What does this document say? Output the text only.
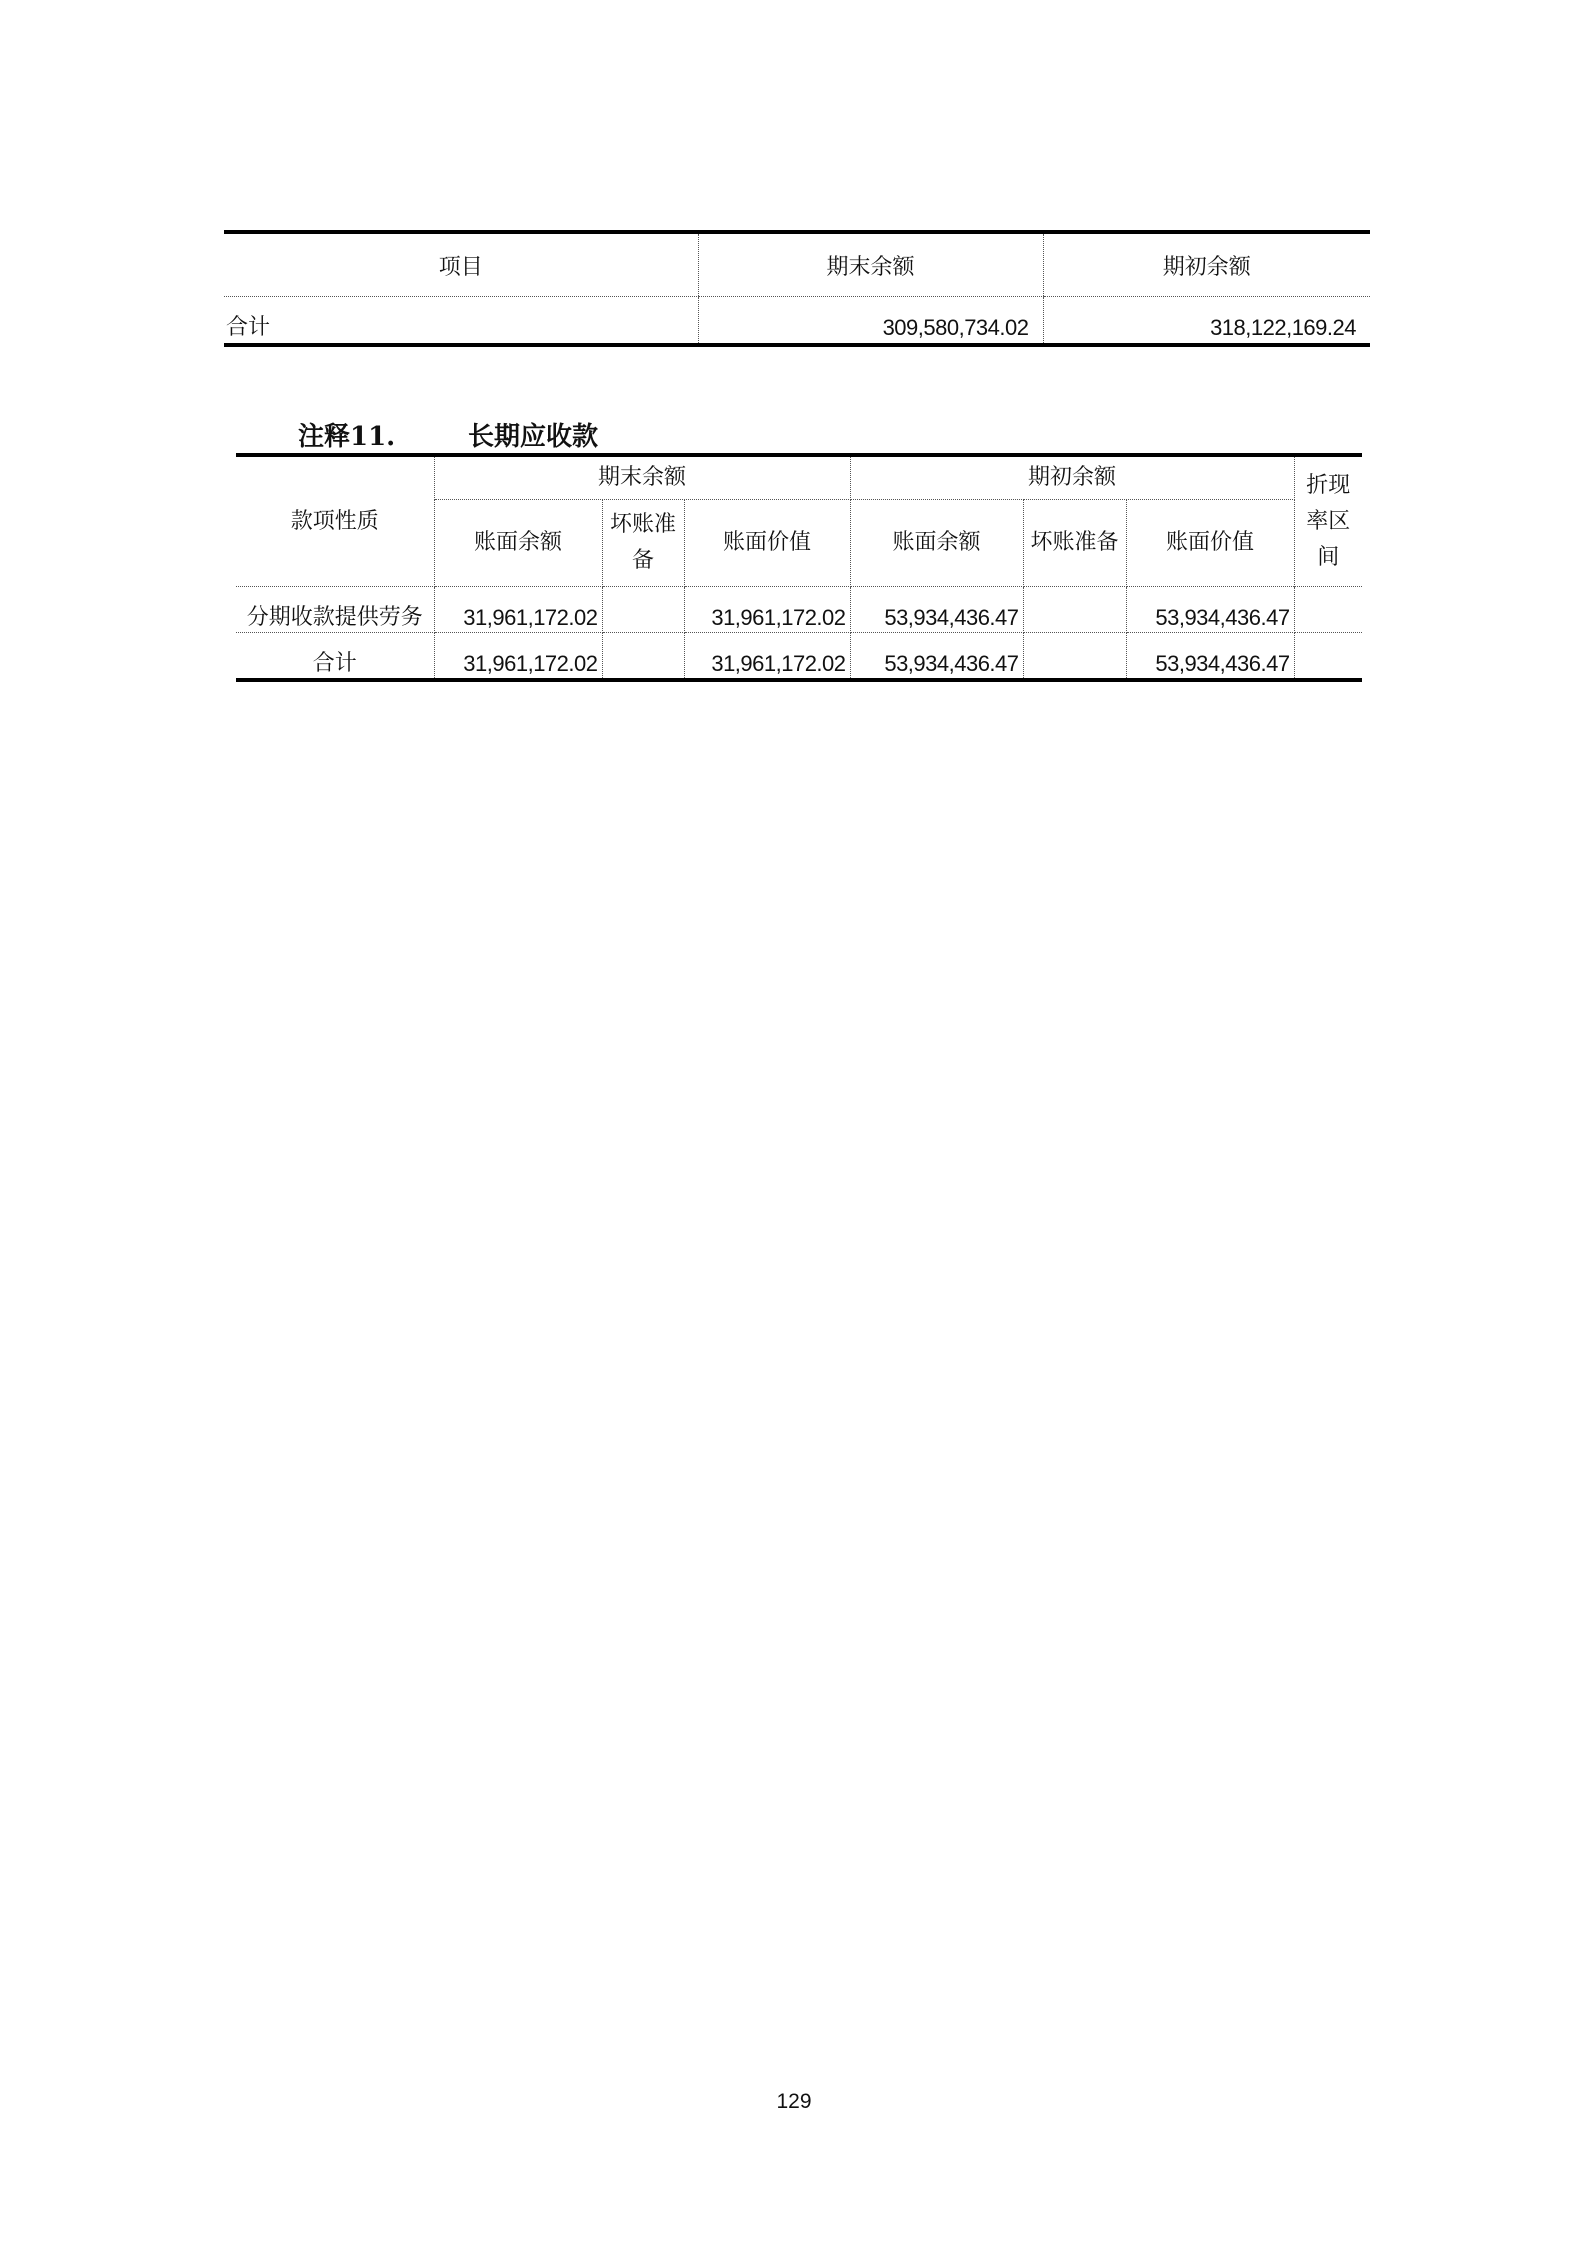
项目	期末余额	期初余额
合计	309,580,734.02	318,122,169.24
注释11.	长期应收款
款项性质	期末余额			期初余额			折现率区间
	账面余额	坏账准备	账面价值	账面余额	坏账准备	账面价值	
分期收款提供劳务	31,961,172.02		31,961,172.02	53,934,436.47		53,934,436.47	
合计	31,961,172.02		31,961,172.02	53,934,436.47		53,934,436.47	
129
